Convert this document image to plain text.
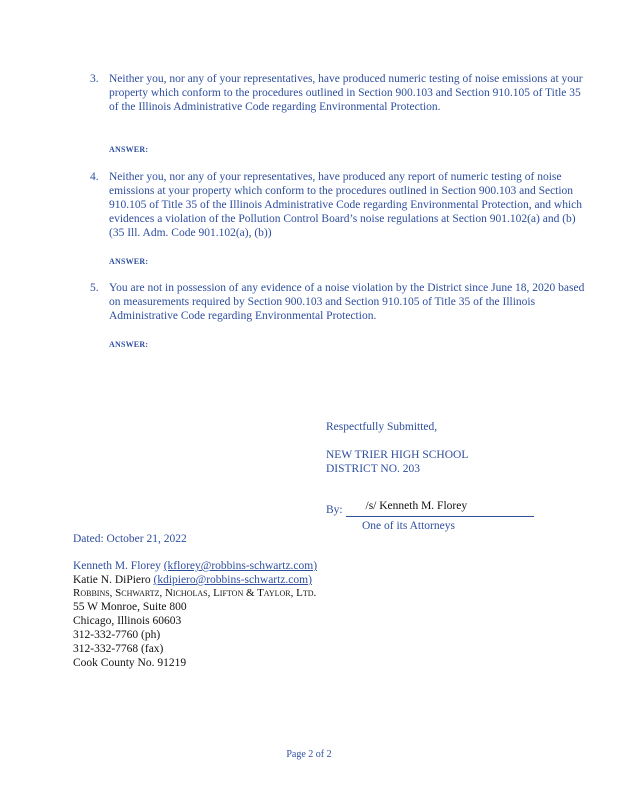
3. Neither you, nor any of your representatives, have produced numeric testing of noise emissions at your property which conform to the procedures outlined in Section 900.103 and Section 910.105 of Title 35 of the Illinois Administrative Code regarding Environmental Protection.
ANSWER:
4. Neither you, nor any of your representatives, have produced any report of numeric testing of noise emissions at your property which conform to the procedures outlined in Section 900.103 and Section 910.105 of Title 35 of the Illinois Administrative Code regarding Environmental Protection, and which evidences a violation of the Pollution Control Board’s noise regulations at Section 901.102(a) and (b)(35 Ill. Adm. Code 901.102(a), (b))
ANSWER:
5. You are not in possession of any evidence of a noise violation by the District since June 18, 2020 based on measurements required by Section 900.103 and Section 910.105 of Title 35 of the Illinois Administrative Code regarding Environmental Protection.
ANSWER:
Respectfully Submitted,
NEW TRIER HIGH SCHOOL
DISTRICT NO. 203
By: /s/ Kenneth M. Florey
One of its Attorneys
Dated: October 21, 2022
Kenneth M. Florey (kflorey@robbins-schwartz.com)
Katie N. DiPiero (kdipiero@robbins-schwartz.com)
Robbins, Schwartz, Nicholas, Lifton & Taylor, Ltd.
55 W Monroe, Suite 800
Chicago, Illinois 60603
312-332-7760 (ph)
312-332-7768 (fax)
Cook County No. 91219
Page 2 of 2
